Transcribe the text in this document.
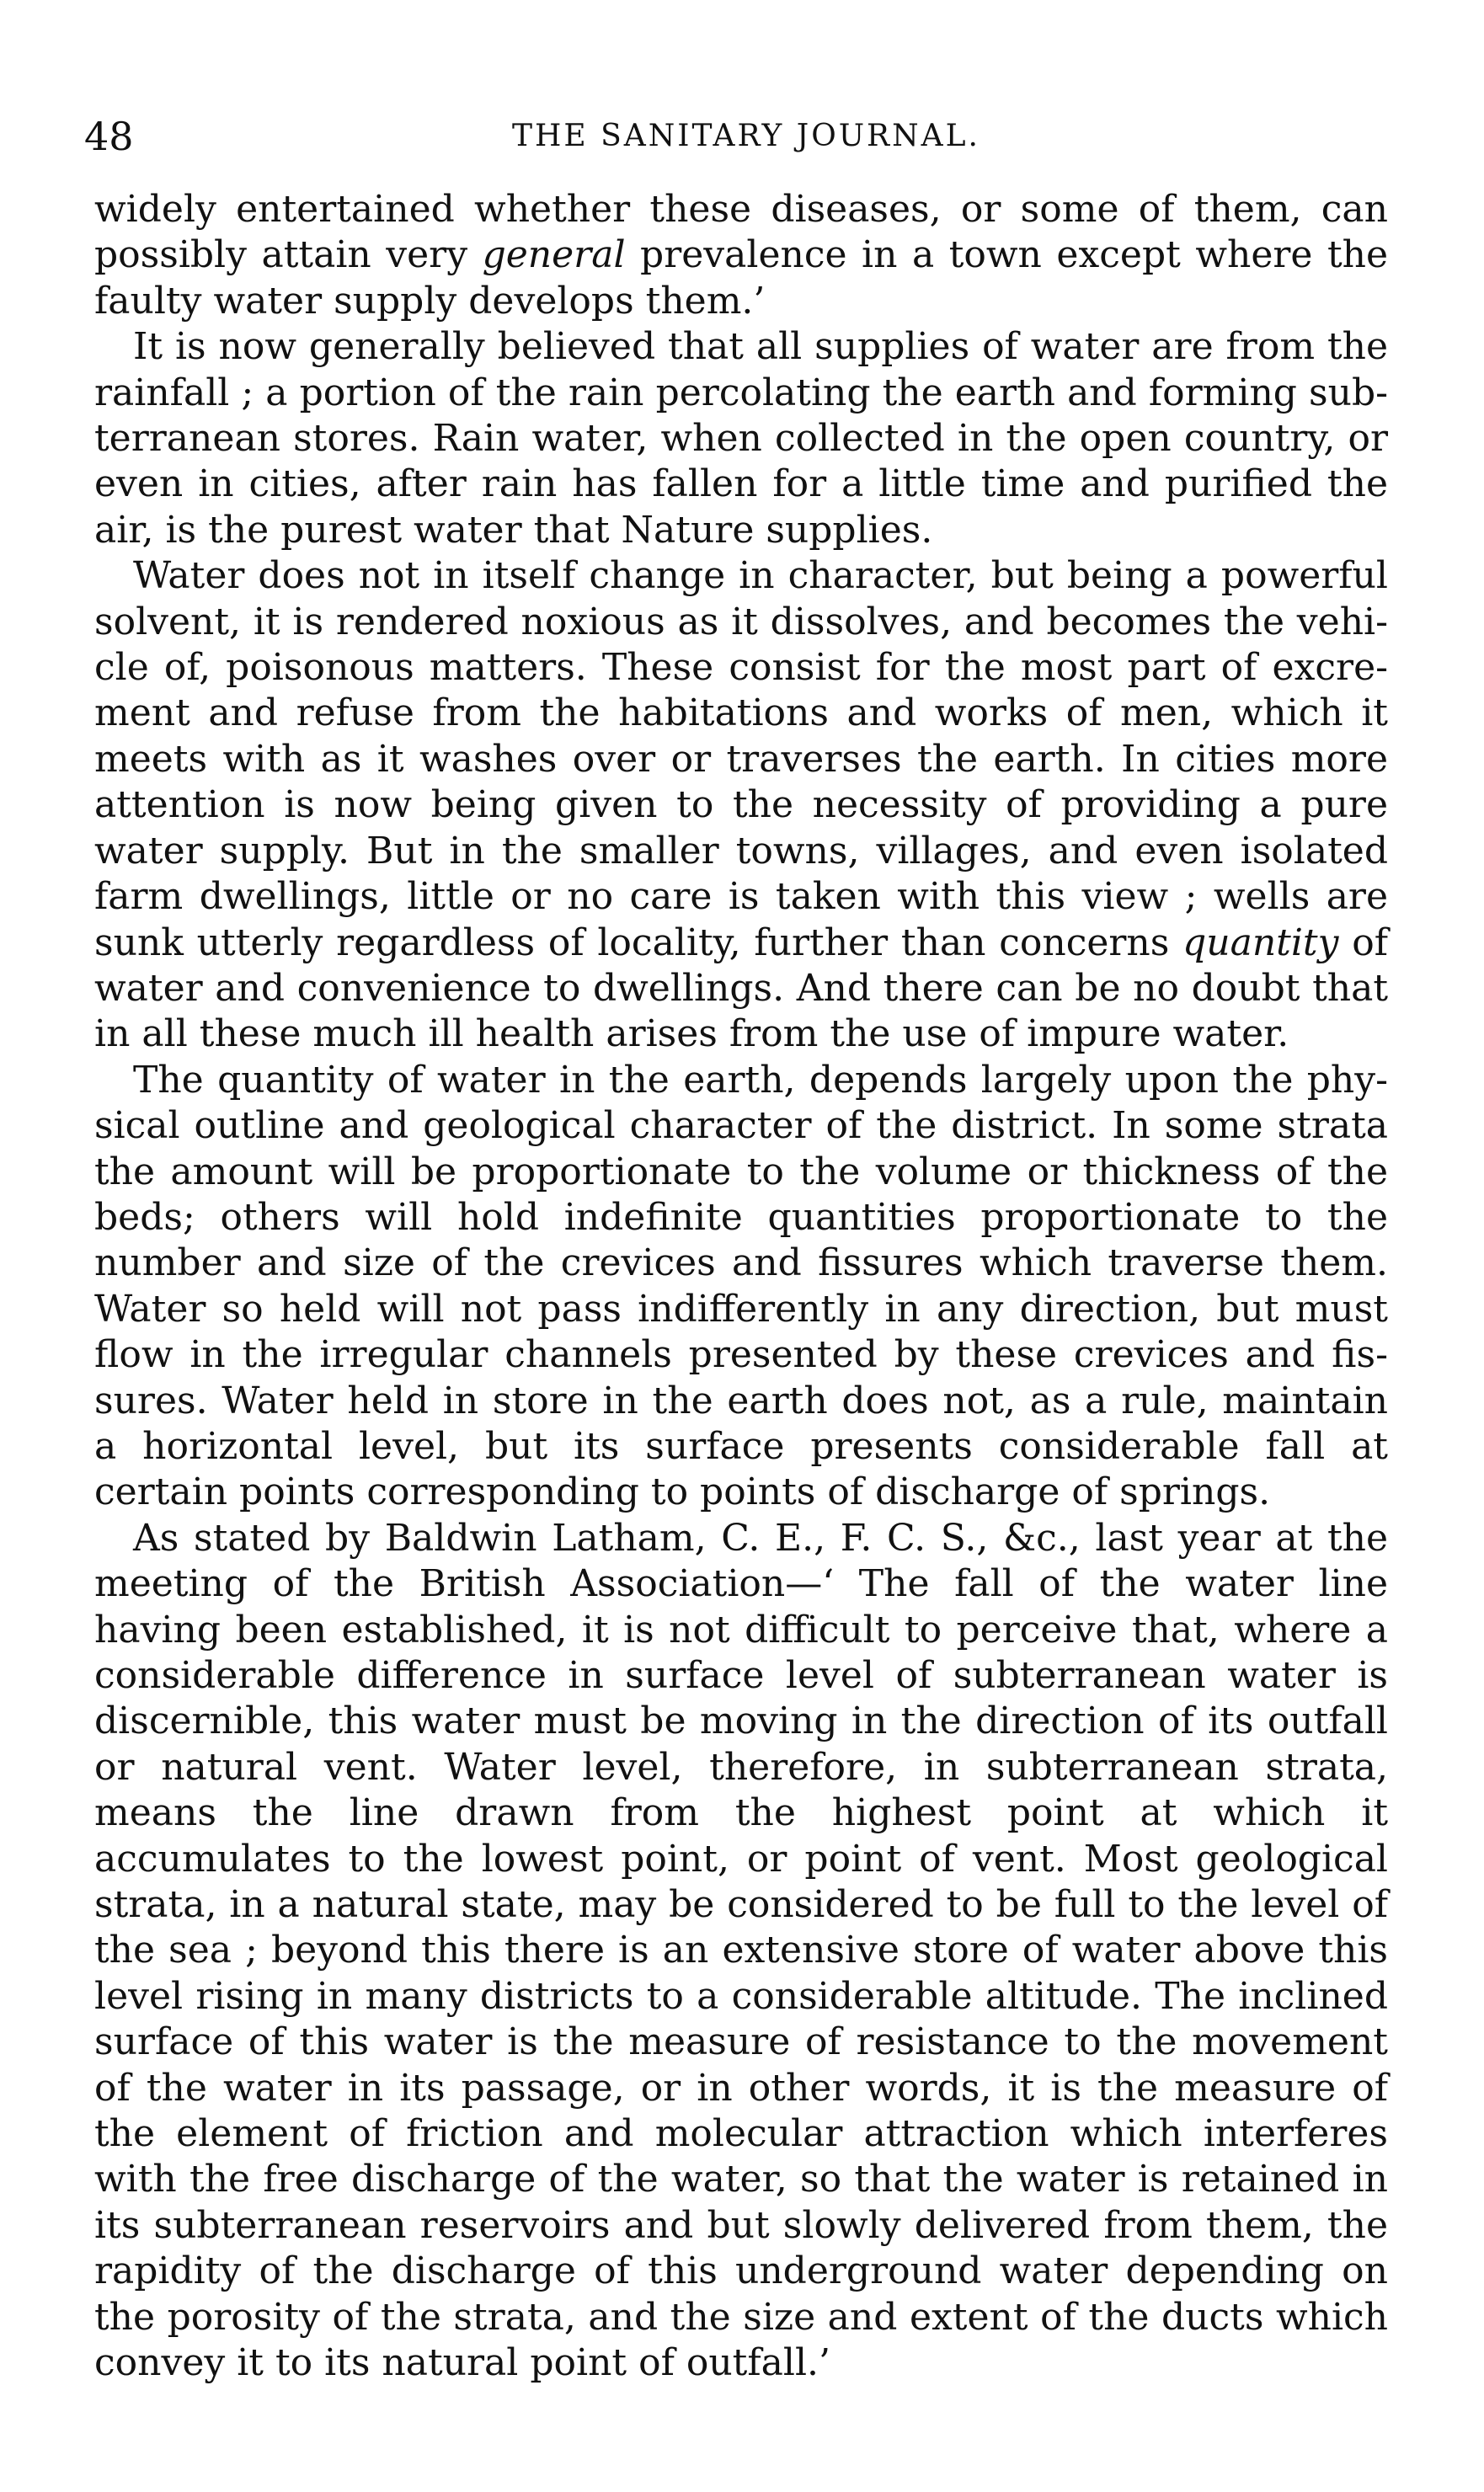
48	THE SANITARY JOURNAL.

widely entertained whether these diseases, or some of them, can possibly attain very general prevalence in a town except where the faulty water supply develops them.’

It is now generally believed that all supplies of water are from the rainfall ; a portion of the rain percolating the earth and forming subterranean stores. Rain water, when collected in the open country, or even in cities, after rain has fallen for a little time and purified the air, is the purest water that Nature supplies.

Water does not in itself change in character, but being a powerful solvent, it is rendered noxious as it dissolves, and becomes the vehicle of, poisonous matters. These consist for the most part of excrement and refuse from the habitations and works of men, which it meets with as it washes over or traverses the earth. In cities more attention is now being given to the necessity of providing a pure water supply. But in the smaller towns, villages, and even isolated farm dwellings, little or no care is taken with this view ; wells are sunk utterly regardless of locality, further than concerns quantity of water and convenience to dwellings. And there can be no doubt that in all these much ill health arises from the use of impure water.

The quantity of water in the earth, depends largely upon the physical outline and geological character of the district. In some strata the amount will be proportionate to the volume or thickness of the beds; others will hold indefinite quantities proportionate to the number and size of the crevices and fissures which traverse them. Water so held will not pass indifferently in any direction, but must flow in the irregular channels presented by these crevices and fissures. Water held in store in the earth does not, as a rule, maintain a horizontal level, but its surface presents considerable fall at certain points corresponding to points of discharge of springs.

As stated by Baldwin Latham, C. E., F. C. S., &c., last year at the meeting of the British Association—‘ The fall of the water line having been established, it is not difficult to perceive that, where a considerable difference in surface level of subterranean water is discernible, this water must be moving in the direction of its outfall or natural vent. Water level, therefore, in subterranean strata, means the line drawn from the highest point at which it accumulates to the lowest point, or point of vent. Most geological strata, in a natural state, may be considered to be full to the level of the sea ; beyond this there is an extensive store of water above this level rising in many districts to a considerable altitude. The inclined surface of this water is the measure of resistance to the movement of the water in its passage, or in other words, it is the measure of the element of friction and molecular attraction which interferes with the free discharge of the water, so that the water is retained in its subterranean reservoirs and but slowly delivered from them, the rapidity of the discharge of this underground water depending on the porosity of the strata, and the size and extent of the ducts which convey it to its natural point of outfall.’
